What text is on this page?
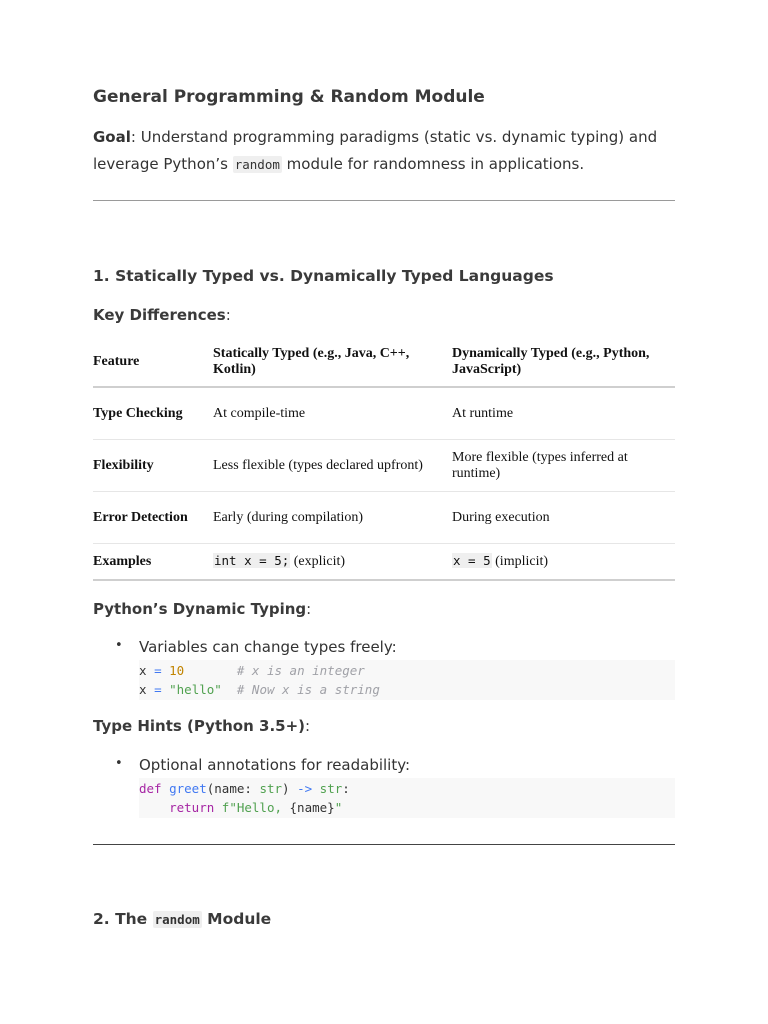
General Programming & Random Module

Goal: Understand programming paradigms (static vs. dynamic typing) and leverage Python’s random module for randomness in applications.

1. Statically Typed vs. Dynamically Typed Languages
Key Differences:
Feature	Statically Typed (e.g., Java, C++, Kotlin)	Dynamically Typed (e.g., Python, JavaScript)
Type Checking	At compile-time	At runtime
Flexibility	Less flexible (types declared upfront)	More flexible (types inferred at runtime)
Error Detection	Early (during compilation)	During execution
Examples	int x = 5; (explicit)	x = 5 (implicit)
Python’s Dynamic Typing:
• Variables can change types freely:
x = 10	# x is an integer
x = "hello" # Now x is a string
Type Hints (Python 3.5+):
• Optional annotations for readability:
def greet(name: str) -> str:
return f"Hello, {name}"
2. The random Module
